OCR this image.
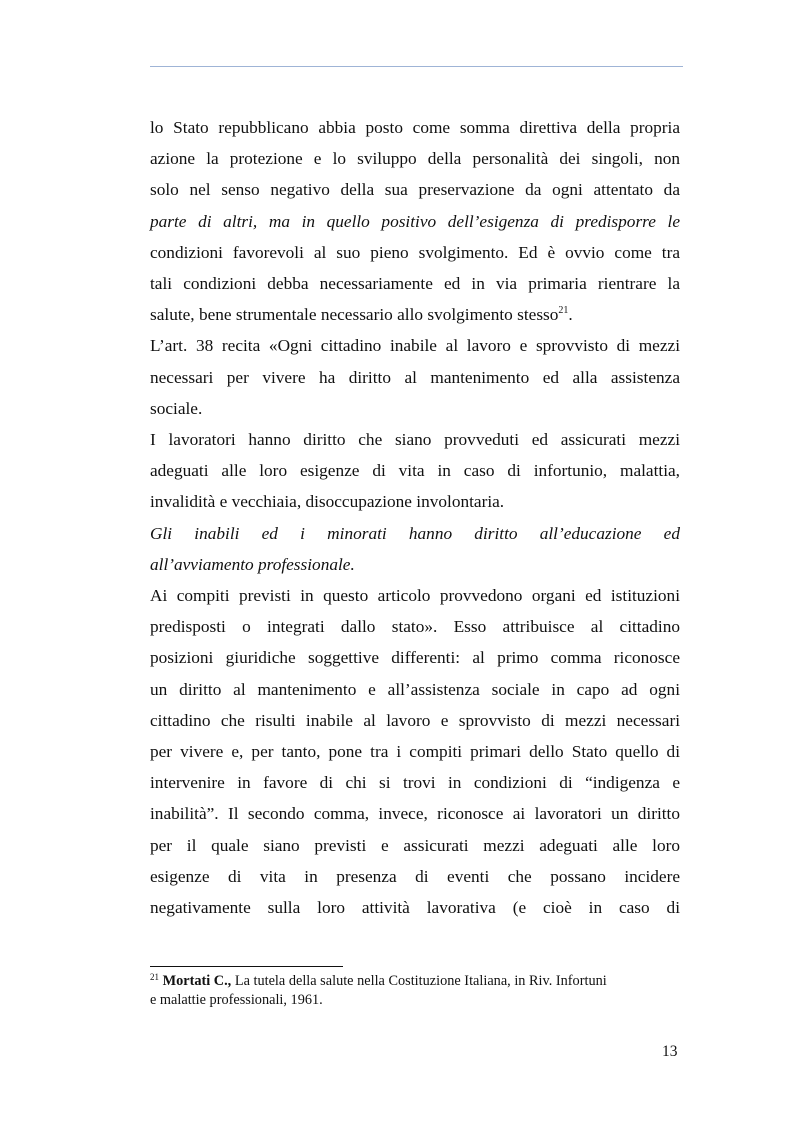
lo Stato repubblicano abbia posto come somma direttiva della propria

azione la protezione e lo sviluppo della personalità dei singoli, non

solo nel senso negativo della sua preservazione da ogni attentato da

parte di altri, ma in quello positivo dell’esigenza di predisporre le

condizioni favorevoli al suo pieno svolgimento. Ed è ovvio come tra

tali condizioni debba necessariamente ed in via primaria rientrare la

salute, bene strumentale necessario allo svolgimento stesso$^{21}$.

L’art. 38 recita «Ogni cittadino inabile al lavoro e sprovvisto di mezzi

necessari per vivere ha diritto al mantenimento ed alla assistenza

sociale.

I lavoratori hanno diritto che siano provveduti ed assicurati mezzi

adeguati alle loro esigenze di vita in caso di infortunio, malattia,

invalidità e vecchiaia, disoccupazione involontaria.

Gli inabili ed i minorati hanno diritto all’educazione ed

all’avviamento professionale.

Ai compiti previsti in questo articolo provvedono organi ed istituzioni

predisposti o integrati dallo stato». Esso attribuisce al cittadino

posizioni giuridiche soggettive differenti: al primo comma riconosce

un diritto al mantenimento e all’assistenza sociale in capo ad ogni

cittadino che risulti inabile al lavoro e sprovvisto di mezzi necessari

per vivere e, per tanto, pone tra i compiti primari dello Stato quello di

intervenire in favore di chi si trovi in condizioni di “indigenza e

inabilità”. Il secondo comma, invece, riconosce ai lavoratori un diritto

per il quale siano previsti e assicurati mezzi adeguati alle loro

esigenze di vita in presenza di eventi che possano incidere

negativamente sulla loro attività lavorativa (e cioè in caso di

$^{21}$ Mortati C., La tutela della salute nella Costituzione Italiana, in Riv. Infortuni

e malattie professionali, 1961.

13
